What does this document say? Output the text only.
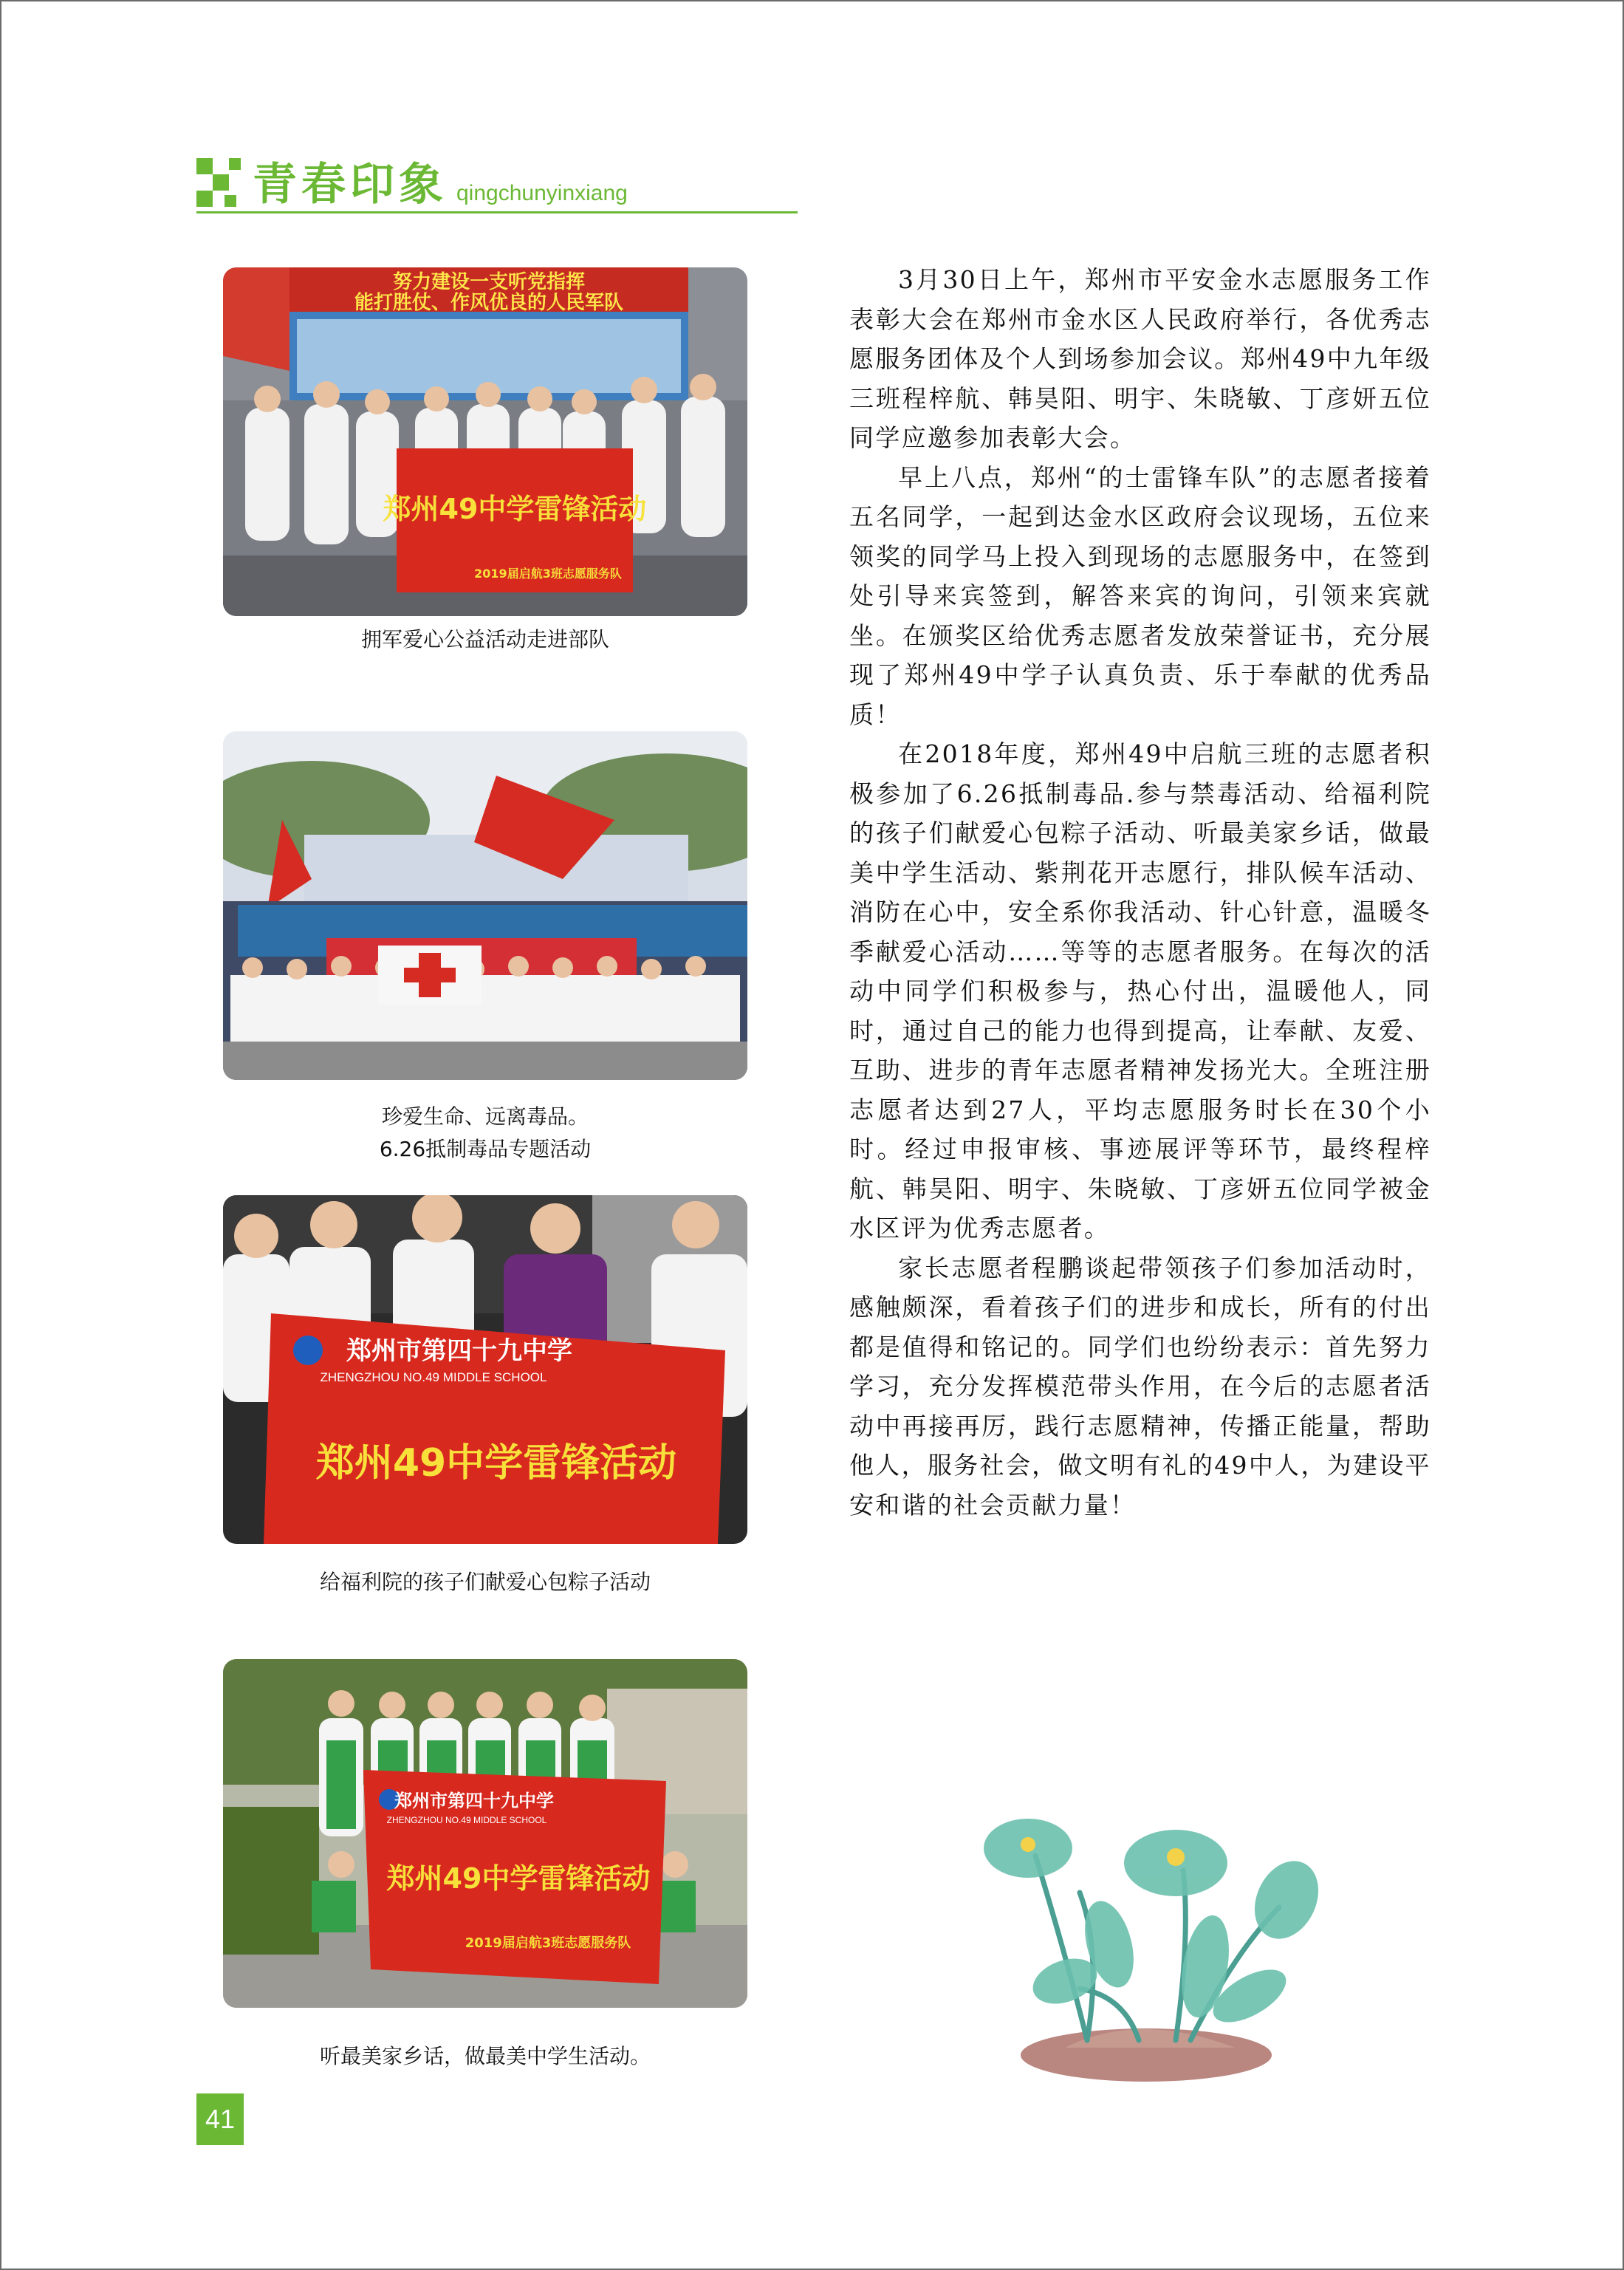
青春印象 qingchunyinxiang
努力建设一支听党指挥
能打胜仗、作风优良的人民军队
郑州49中学雷锋活动
2019届启航3班志愿服务队
拥军爱心公益活动走进部队
珍爱生命、远离毒品。
6.26抵制毒品专题活动
郑州市第四十九中学
ZHENGZHOU NO.49 MIDDLE SCHOOL
郑州49中学雷锋活动
给福利院的孩子们献爱心包粽子活动
郑州市第四十九中学
ZHENGZHOU NO.49 MIDDLE SCHOOL
郑州49中学雷锋活动
2019届启航3班志愿服务队
听最美家乡话，做最美中学生活动。

3月30日上午，郑州市平安金水志愿服务工作表彰大会在郑州市金水区人民政府举行，各优秀志愿服务团体及个人到场参加会议。郑州49中九年级三班程梓航、韩昊阳、明宇、朱晓敏、丁彦妍五位同学应邀参加表彰大会。

早上八点，郑州“的士雷锋车队”的志愿者接着五名同学，一起到达金水区政府会议现场，五位来领奖的同学马上投入到现场的志愿服务中，在签到处引导来宾签到，解答来宾的询问，引领来宾就坐。在颁奖区给优秀志愿者发放荣誉证书，充分展现了郑州49中学子认真负责、乐于奉献的优秀品质！

在2018年度，郑州49中启航三班的志愿者积极参加了6.26抵制毒品.参与禁毒活动、给福利院的孩子们献爱心包粽子活动、听最美家乡话，做最美中学生活动、紫荆花开志愿行，排队候车活动、消防在心中，安全系你我活动、针心针意，温暖冬季献爱心活动……等等的志愿者服务。在每次的活动中同学们积极参与，热心付出，温暖他人，同时，通过自己的能力也得到提高，让奉献、友爱、互助、进步的青年志愿者精神发扬光大。全班注册志愿者达到27人，平均志愿服务时长在30个小时。经过申报审核、事迹展评等环节，最终程梓航、韩昊阳、明宇、朱晓敏、丁彦妍五位同学被金水区评为优秀志愿者。

家长志愿者程鹏谈起带领孩子们参加活动时，感触颇深，看着孩子们的进步和成长，所有的付出都是值得和铭记的。同学们也纷纷表示：首先努力学习，充分发挥模范带头作用，在今后的志愿者活动中再接再厉，践行志愿精神，传播正能量，帮助他人，服务社会，做文明有礼的49中人，为建设平安和谐的社会贡献力量！

41
